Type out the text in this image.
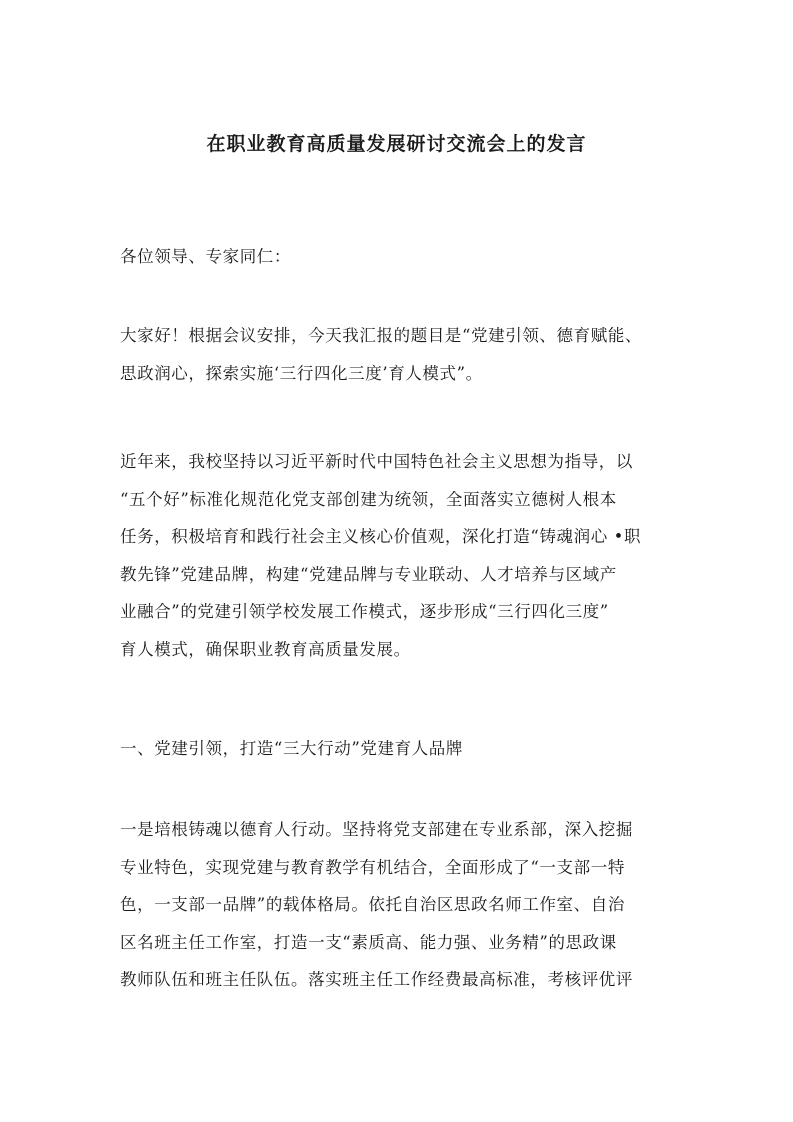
在职业教育高质量发展研讨交流会上的发言

各位领导、专家同仁：

大家好！根据会议安排，今天我汇报的题目是“党建引领、德育赋能、
思政润心，探索实施‘三行四化三度’育人模式”。

近年来，我校坚持以习近平新时代中国特色社会主义思想为指导，以
“五个好”标准化规范化党支部创建为统领，全面落实立德树人根本
任务，积极培育和践行社会主义核心价值观，深化打造“铸魂润心 •职
教先锋”党建品牌，构建“党建品牌与专业联动、人才培养与区域产
业融合”的党建引领学校发展工作模式，逐步形成“三行四化三度”
育人模式，确保职业教育高质量发展。

一、党建引领，打造“三大行动”党建育人品牌

一是培根铸魂以德育人行动。坚持将党支部建在专业系部，深入挖掘
专业特色，实现党建与教育教学有机结合，全面形成了“一支部一特
色，一支部一品牌”的载体格局。依托自治区思政名师工作室、自治
区名班主任工作室，打造一支“素质高、能力强、业务精”的思政课
教师队伍和班主任队伍。落实班主任工作经费最高标准，考核评优评
